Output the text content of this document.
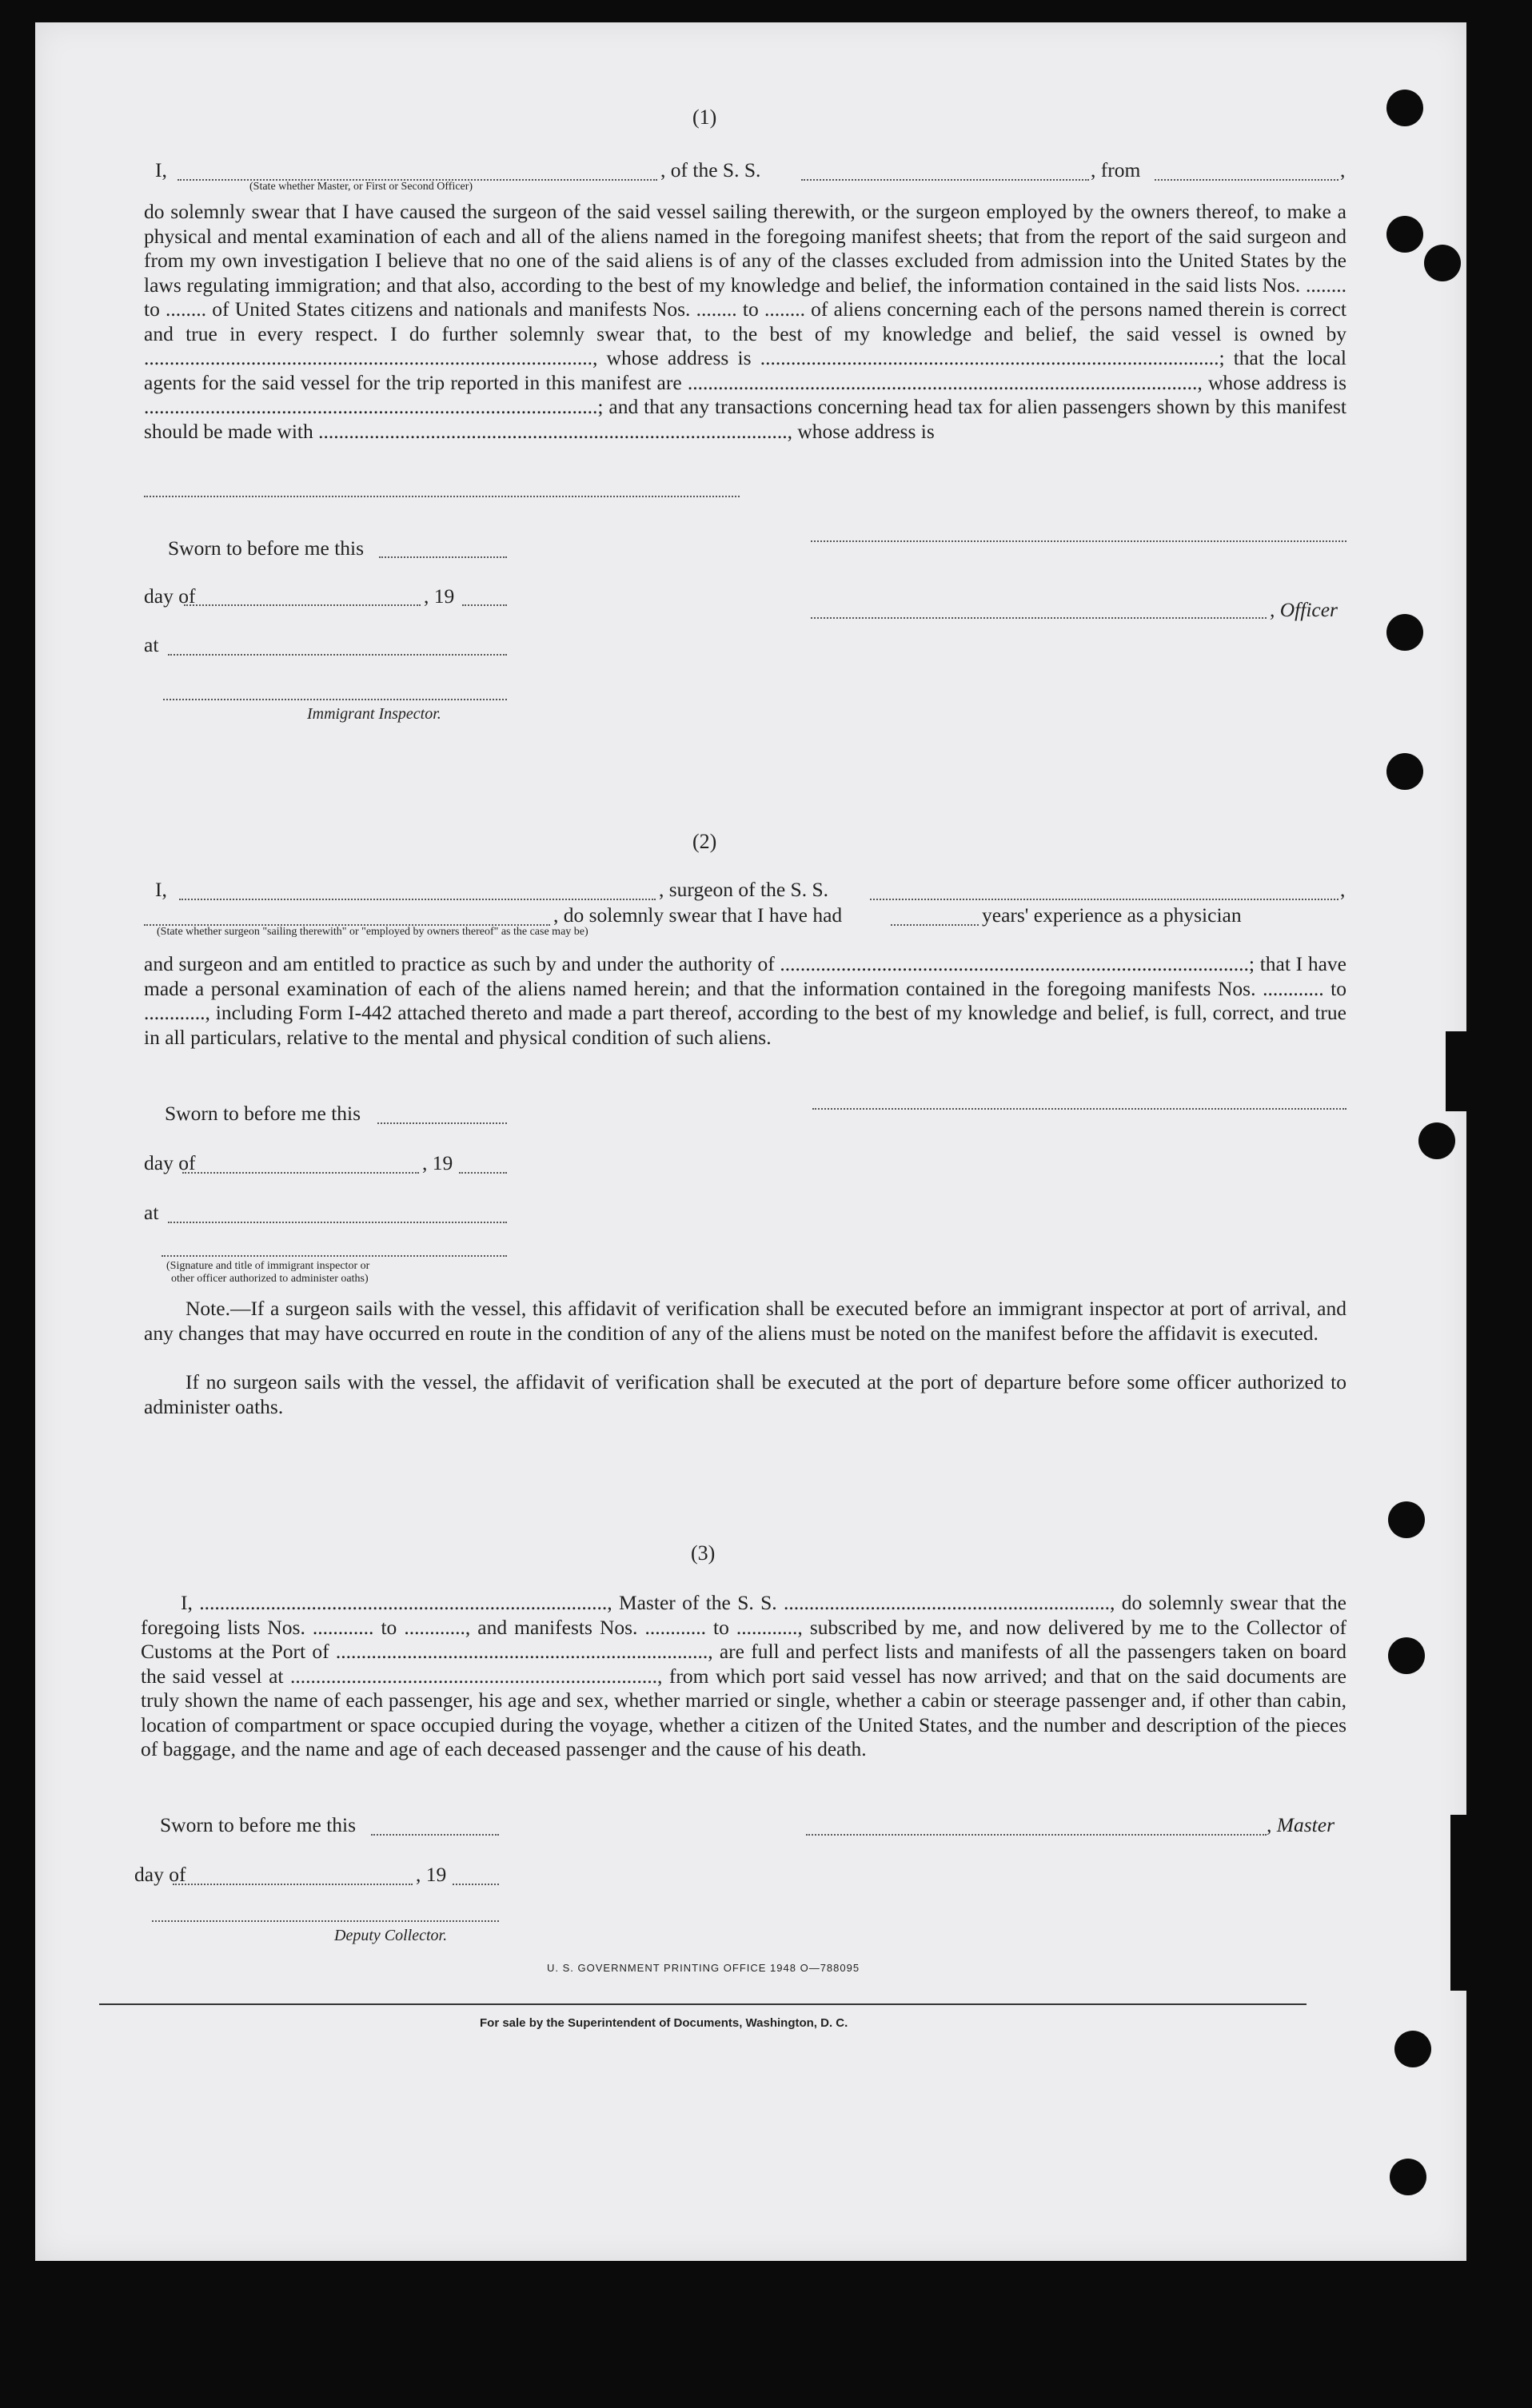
(1)
I,	, of the S. S.	, from	,
(State whether Master, or First or Second Officer)

do solemnly swear that I have caused the surgeon of the said vessel sailing therewith, or the surgeon employed by the owners thereof, to make a physical and mental examination of each and all of the aliens named in the foregoing manifest sheets; that from the report of the said surgeon and from my own investigation I believe that no one of the said aliens is of any of the classes excluded from admission into the United States by the laws regulating immigration; and that also, according to the best of my knowledge and belief, the information contained in the said lists Nos. ........ to ........ of United States citizens and nationals and manifests Nos. ........ to ........ of aliens concerning each of the persons named therein is correct and true in every respect. I do further solemnly swear that, to the best of my knowledge and belief, the said vessel is owned by ........................................................................................, whose address is ..........................................................................................; that the local agents for the said vessel for the trip reported in this manifest are ...................................................................................................., whose address is .........................................................................................; and that any transactions concerning head tax for alien passengers shown by this manifest should be made with ............................................................................................, whose address is

Sworn to before me this
day of	, 19
, Officer
at
Immigrant Inspector.
(2)
I,	, surgeon of the S. S.	,
, do solemnly swear that I have had	years' experience as a physician
(State whether surgeon "sailing therewith" or "employed by owners thereof" as the case may be)

and surgeon and am entitled to practice as such by and under the authority of ............................................................................................; that I have made a personal examination of each of the aliens named herein; and that the information contained in the foregoing manifests Nos. ............ to ............, including Form I-442 attached thereto and made a part thereof, according to the best of my knowledge and belief, is full, correct, and true in all particulars, relative to the mental and physical condition of such aliens.

Sworn to before me this
day of	, 19
at
(Signature and title of immigrant inspector or
other officer authorized to administer oaths)

Note.—If a surgeon sails with the vessel, this affidavit of verification shall be executed before an immigrant inspector at port of arrival, and any changes that may have occurred en route in the condition of any of the aliens must be noted on the manifest before the affidavit is executed.

If no surgeon sails with the vessel, the affidavit of verification shall be executed at the port of departure before some officer authorized to administer oaths.

(3)

I, ................................................................................, Master of the S. S. ................................................................, do solemnly swear that the foregoing lists Nos. ............ to ............, and manifests Nos. ............ to ............, subscribed by me, and now delivered by me to the Collector of Customs at the Port of ........................................................................., are full and perfect lists and manifests of all the passengers taken on board the said vessel at ........................................................................, from which port said vessel has now arrived; and that on the said documents are truly shown the name of each passenger, his age and sex, whether married or single, whether a cabin or steerage passenger and, if other than cabin, location of compartment or space occupied during the voyage, whether a citizen of the United States, and the number and description of the pieces of baggage, and the name and age of each deceased passenger and the cause of his death.

Sworn to before me this	, Master
day of	, 19
Deputy Collector.
U. S. GOVERNMENT PRINTING OFFICE 1948 O—788095
For sale by the Superintendent of Documents, Washington, D. C.
